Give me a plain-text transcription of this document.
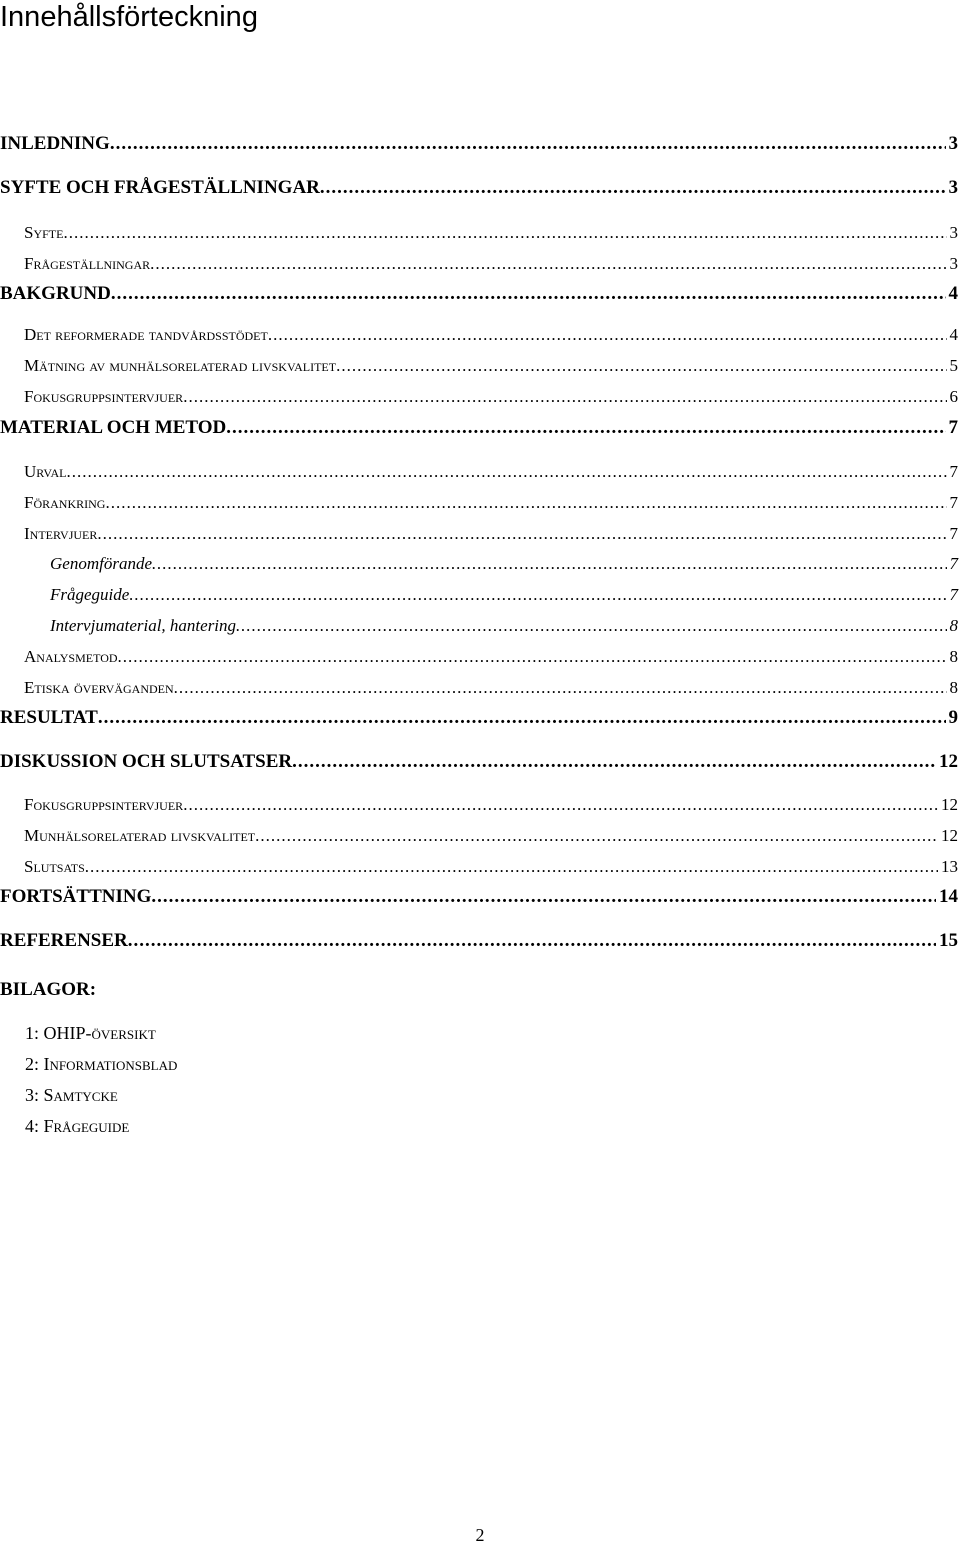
Innehållsförteckning
INLEDNING .....	3
SYFTE OCH FRÅGESTÄLLNINGAR .....	3
Syfte .....	3
Frågeställningar .....	3
BAKGRUND .....	4
Det reformerade tandvårdsstödet .....	4
Mätning av munhälsorelaterad livskvalitet .....	5
Fokusgruppsintervjuer .....	6
MATERIAL OCH METOD .....	7
Urval .....	7
Förankring .....	7
Intervjuer .....	7
Genomförande .....	7
Frågeguide .....	7
Intervjumaterial, hantering .....	8
Analysmetod .....	8
Etiska överväganden .....	8
RESULTAT .....	9
DISKUSSION OCH SLUTSATSER .....	12
Fokusgruppsintervjuer .....	12
Munhälsorelaterad livskvalitet .....	12
Slutsats .....	13
FORTSÄTTNING .....	14
REFERENSER .....	15
BILAGOR:
1: OHIP-översikt
2: Informationsblad
3: Samtycke
4: Frågeguide
2
